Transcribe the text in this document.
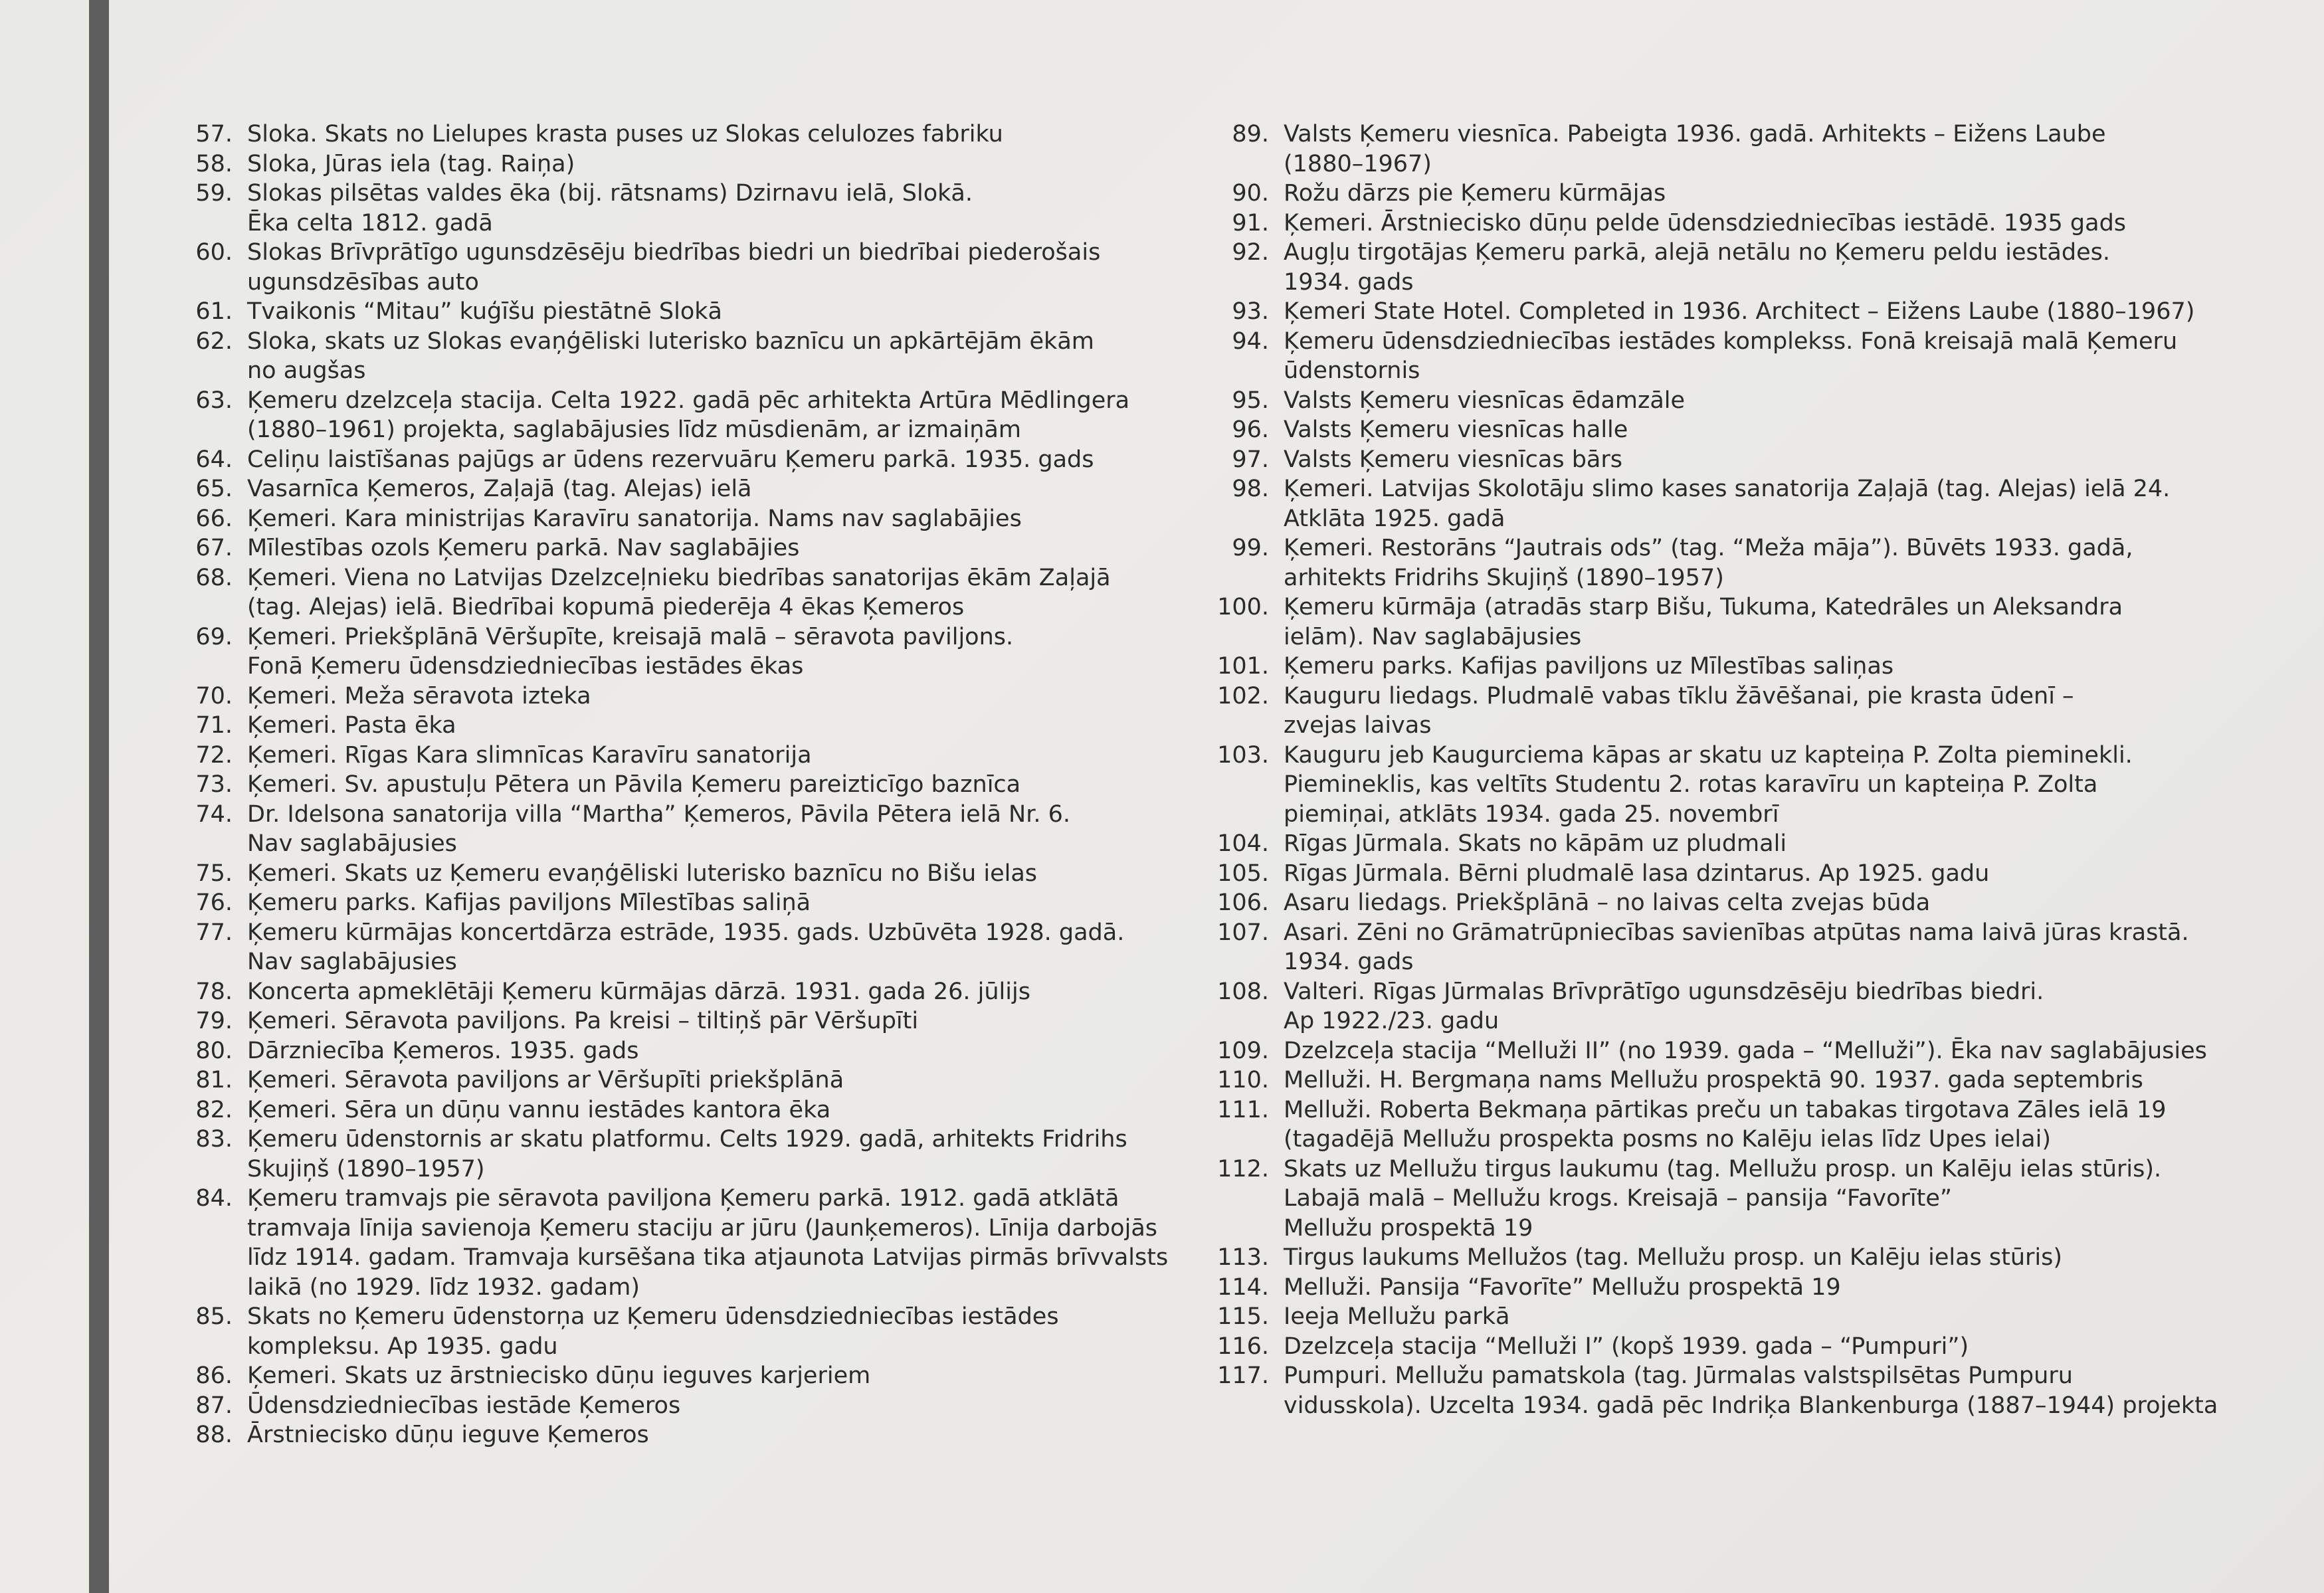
57. Sloka. Skats no Lielupes krasta puses uz Slokas celulozes fabriku
58. Sloka, Jūras iela (tag. Raiņa)
59. Slokas pilsētas valdes ēka (bij. rātsnams) Dzirnavu ielā, Slokā.
Ēka celta 1812. gadā
60. Slokas Brīvprātīgo ugunsdzēsēju biedrības biedri un biedrībai piederošais
ugunsdzēsības auto
61. Tvaikonis “Mitau” kuģīšu piestātnē Slokā
62. Sloka, skats uz Slokas evaņģēliski luterisko baznīcu un apkārtējām ēkām
no augšas
63. Ķemeru dzelzceļa stacija. Celta 1922. gadā pēc arhitekta Artūra Mēdlingera
(1880–1961) projekta, saglabājusies līdz mūsdienām, ar izmaiņām
64. Celiņu laistīšanas pajūgs ar ūdens rezervuāru Ķemeru parkā. 1935. gads
65. Vasarnīca Ķemeros, Zaļajā (tag. Alejas) ielā
66. Ķemeri. Kara ministrijas Karavīru sanatorija. Nams nav saglabājies
67. Mīlestības ozols Ķemeru parkā. Nav saglabājies
68. Ķemeri. Viena no Latvijas Dzelzceļnieku biedrības sanatorijas ēkām Zaļajā
(tag. Alejas) ielā. Biedrībai kopumā piederēja 4 ēkas Ķemeros
69. Ķemeri. Priekšplānā Vēršupīte, kreisajā malā – sēravota paviljons.
Fonā Ķemeru ūdensdziedniecības iestādes ēkas
70. Ķemeri. Meža sēravota izteka
71. Ķemeri. Pasta ēka
72. Ķemeri. Rīgas Kara slimnīcas Karavīru sanatorija
73. Ķemeri. Sv. apustuļu Pētera un Pāvila Ķemeru pareizticīgo baznīca
74. Dr. Idelsona sanatorija villa “Martha” Ķemeros, Pāvila Pētera ielā Nr. 6.
Nav saglabājusies
75. Ķemeri. Skats uz Ķemeru evaņģēliski luterisko baznīcu no Bišu ielas
76. Ķemeru parks. Kafijas paviljons Mīlestības saliņā
77. Ķemeru kūrmājas koncertdārza estrāde, 1935. gads. Uzbūvēta 1928. gadā.
Nav saglabājusies
78. Koncerta apmeklētāji Ķemeru kūrmājas dārzā. 1931. gada 26. jūlijs
79. Ķemeri. Sēravota paviljons. Pa kreisi – tiltiņš pār Vēršupīti
80. Dārzniecība Ķemeros. 1935. gads
81. Ķemeri. Sēravota paviljons ar Vēršupīti priekšplānā
82. Ķemeri. Sēra un dūņu vannu iestādes kantora ēka
83. Ķemeru ūdenstornis ar skatu platformu. Celts 1929. gadā, arhitekts Fridrihs
Skujiņš (1890–1957)
84. Ķemeru tramvajs pie sēravota paviljona Ķemeru parkā. 1912. gadā atklātā
tramvaja līnija savienoja Ķemeru staciju ar jūru (Jaunķemeros). Līnija darbojās
līdz 1914. gadam. Tramvaja kursēšana tika atjaunota Latvijas pirmās brīvvalsts
laikā (no 1929. līdz 1932. gadam)
85. Skats no Ķemeru ūdenstorņa uz Ķemeru ūdensdziedniecības iestādes
kompleksu. Ap 1935. gadu
86. Ķemeri. Skats uz ārstniecisko dūņu ieguves karjeriem
87. Ūdensdziedniecības iestāde Ķemeros
88. Ārstniecisko dūņu ieguve Ķemeros
89. Valsts Ķemeru viesnīca. Pabeigta 1936. gadā. Arhitekts – Eižens Laube
(1880–1967)
90. Rožu dārzs pie Ķemeru kūrmājas
91. Ķemeri. Ārstniecisko dūņu pelde ūdensdziedniecības iestādē. 1935 gads
92. Augļu tirgotājas Ķemeru parkā, alejā netālu no Ķemeru peldu iestādes.
1934. gads
93. Ķemeri State Hotel. Completed in 1936. Architect – Eižens Laube (1880–1967)
94. Ķemeru ūdensdziedniecības iestādes komplekss. Fonā kreisajā malā Ķemeru
ūdenstornis
95. Valsts Ķemeru viesnīcas ēdamzāle
96. Valsts Ķemeru viesnīcas halle
97. Valsts Ķemeru viesnīcas bārs
98. Ķemeri. Latvijas Skolotāju slimo kases sanatorija Zaļajā (tag. Alejas) ielā 24.
Atklāta 1925. gadā
99. Ķemeri. Restorāns “Jautrais ods” (tag. “Meža māja”). Būvēts 1933. gadā,
arhitekts Fridrihs Skujiņš (1890–1957)
100. Ķemeru kūrmāja (atradās starp Bišu, Tukuma, Katedrāles un Aleksandra
ielām). Nav saglabājusies
101. Ķemeru parks. Kafijas paviljons uz Mīlestības saliņas
102. Kauguru liedags. Pludmalē vabas tīklu žāvēšanai, pie krasta ūdenī –
zvejas laivas
103. Kauguru jeb Kaugurciema kāpas ar skatu uz kapteiņa P. Zolta pieminekli.
Piemineklis, kas veltīts Studentu 2. rotas karavīru un kapteiņa P. Zolta
piemiņai, atklāts 1934. gada 25. novembrī
104. Rīgas Jūrmala. Skats no kāpām uz pludmali
105. Rīgas Jūrmala. Bērni pludmalē lasa dzintarus. Ap 1925. gadu
106. Asaru liedags. Priekšplānā – no laivas celta zvejas būda
107. Asari. Zēni no Grāmatrūpniecības savienības atpūtas nama laivā jūras krastā.
1934. gads
108. Valteri. Rīgas Jūrmalas Brīvprātīgo ugunsdzēsēju biedrības biedri.
Ap 1922./23. gadu
109. Dzelzceļa stacija “Melluži II” (no 1939. gada – “Melluži”). Ēka nav saglabājusies
110. Melluži. H. Bergmaņa nams Mellužu prospektā 90. 1937. gada septembris
111. Melluži. Roberta Bekmaņa pārtikas preču un tabakas tirgotava Zāles ielā 19
(tagadējā Mellužu prospekta posms no Kalēju ielas līdz Upes ielai)
112. Skats uz Mellužu tirgus laukumu (tag. Mellužu prosp. un Kalēju ielas stūris).
Labajā malā – Mellužu krogs. Kreisajā – pansija “Favorīte”
Mellužu prospektā 19
113. Tirgus laukums Mellužos (tag. Mellužu prosp. un Kalēju ielas stūris)
114. Melluži. Pansija “Favorīte” Mellužu prospektā 19
115. Ieeja Mellužu parkā
116. Dzelzceļa stacija “Melluži I” (kopš 1939. gada – “Pumpuri”)
117. Pumpuri. Mellužu pamatskola (tag. Jūrmalas valstspilsētas Pumpuru
vidusskola). Uzcelta 1934. gadā pēc Indriķa Blankenburga (1887–1944) projekta
